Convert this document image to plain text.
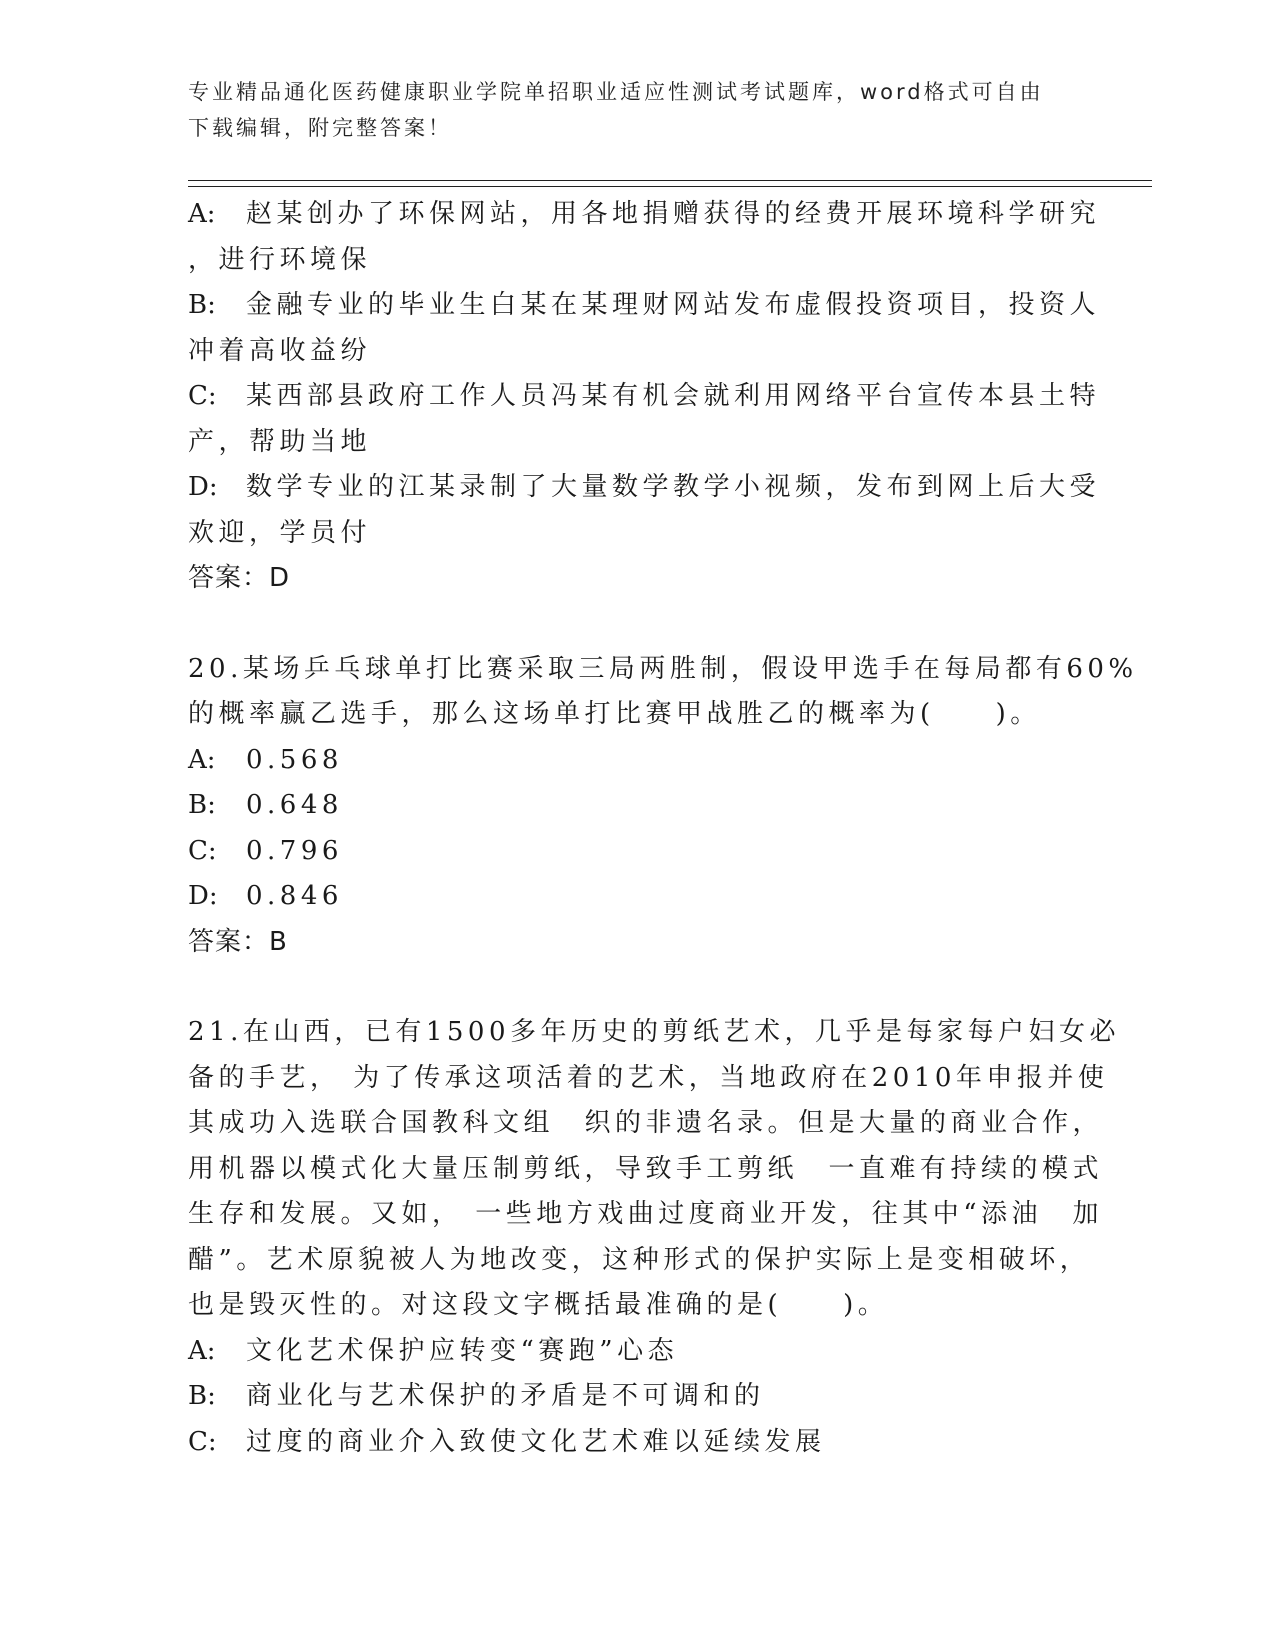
专业精品通化医药健康职业学院单招职业适应性测试考试题库，word格式可自由
下载编辑，附完整答案！
A:	赵某创办了环保网站，用各地捐赠获得的经费开展环境科学研究
，进行环境保
B:	金融专业的毕业生白某在某理财网站发布虚假投资项目，投资人
冲着高收益纷
C:	某西部县政府工作人员冯某有机会就利用网络平台宣传本县土特
产，帮助当地
D:	数学专业的江某录制了大量数学教学小视频，发布到网上后大受
欢迎，学员付
答案：D
20.某场乒乓球单打比赛采取三局两胜制，假设甲选手在每局都有60%
的概率赢乙选手，那么这场单打比赛甲战胜乙的概率为(　　)。
A:	0.568
B:	0.648
C:	0.796
D:	0.846
答案：B
21.在山西，已有1500多年历史的剪纸艺术，几乎是每家每户妇女必
备的手艺， 为了传承这项活着的艺术，当地政府在2010年申报并使
其成功入选联合国教科文组　织的非遗名录。但是大量的商业合作，
用机器以模式化大量压制剪纸，导致手工剪纸　一直难有持续的模式
生存和发展。又如， 一些地方戏曲过度商业开发，往其中“添油　加
醋”。艺术原貌被人为地改变，这种形式的保护实际上是变相破坏，
也是毁灭性的。对这段文字概括最准确的是(　　)。
A:	文化艺术保护应转变“赛跑”心态
B:	商业化与艺术保护的矛盾是不可调和的
C:	过度的商业介入致使文化艺术难以延续发展
